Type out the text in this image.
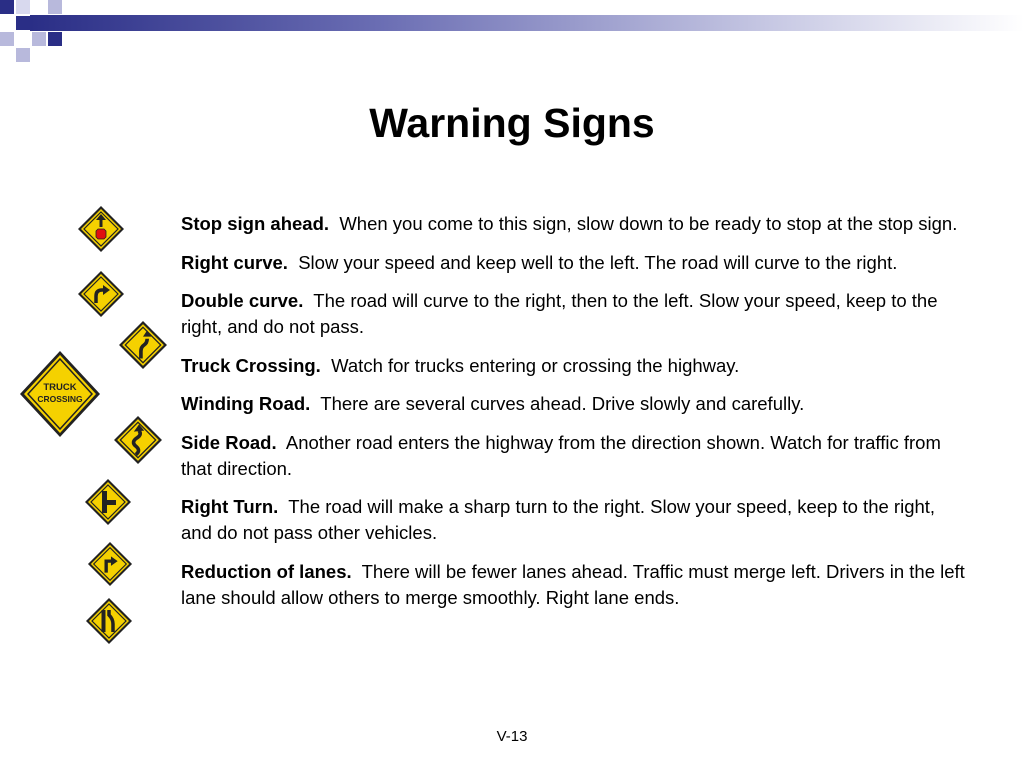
Warning Signs
TRUCK
CROSSING
Stop sign ahead. When you come to this sign, slow down to be ready to stop at the stop sign.
Right curve. Slow your speed and keep well to the left. The road will curve to the right.
Double curve. The road will curve to the right, then to the left. Slow your speed, keep to the right, and do not pass.
Truck Crossing. Watch for trucks entering or crossing the highway.
Winding Road. There are several curves ahead. Drive slowly and carefully.
Side Road. Another road enters the highway from the direction shown. Watch for traffic from that direction.
Right Turn. The road will make a sharp turn to the right. Slow your speed, keep to the right, and do not pass other vehicles.
Reduction of lanes. There will be fewer lanes ahead. Traffic must merge left. Drivers in the left lane should allow others to merge smoothly. Right lane ends.
V-13
